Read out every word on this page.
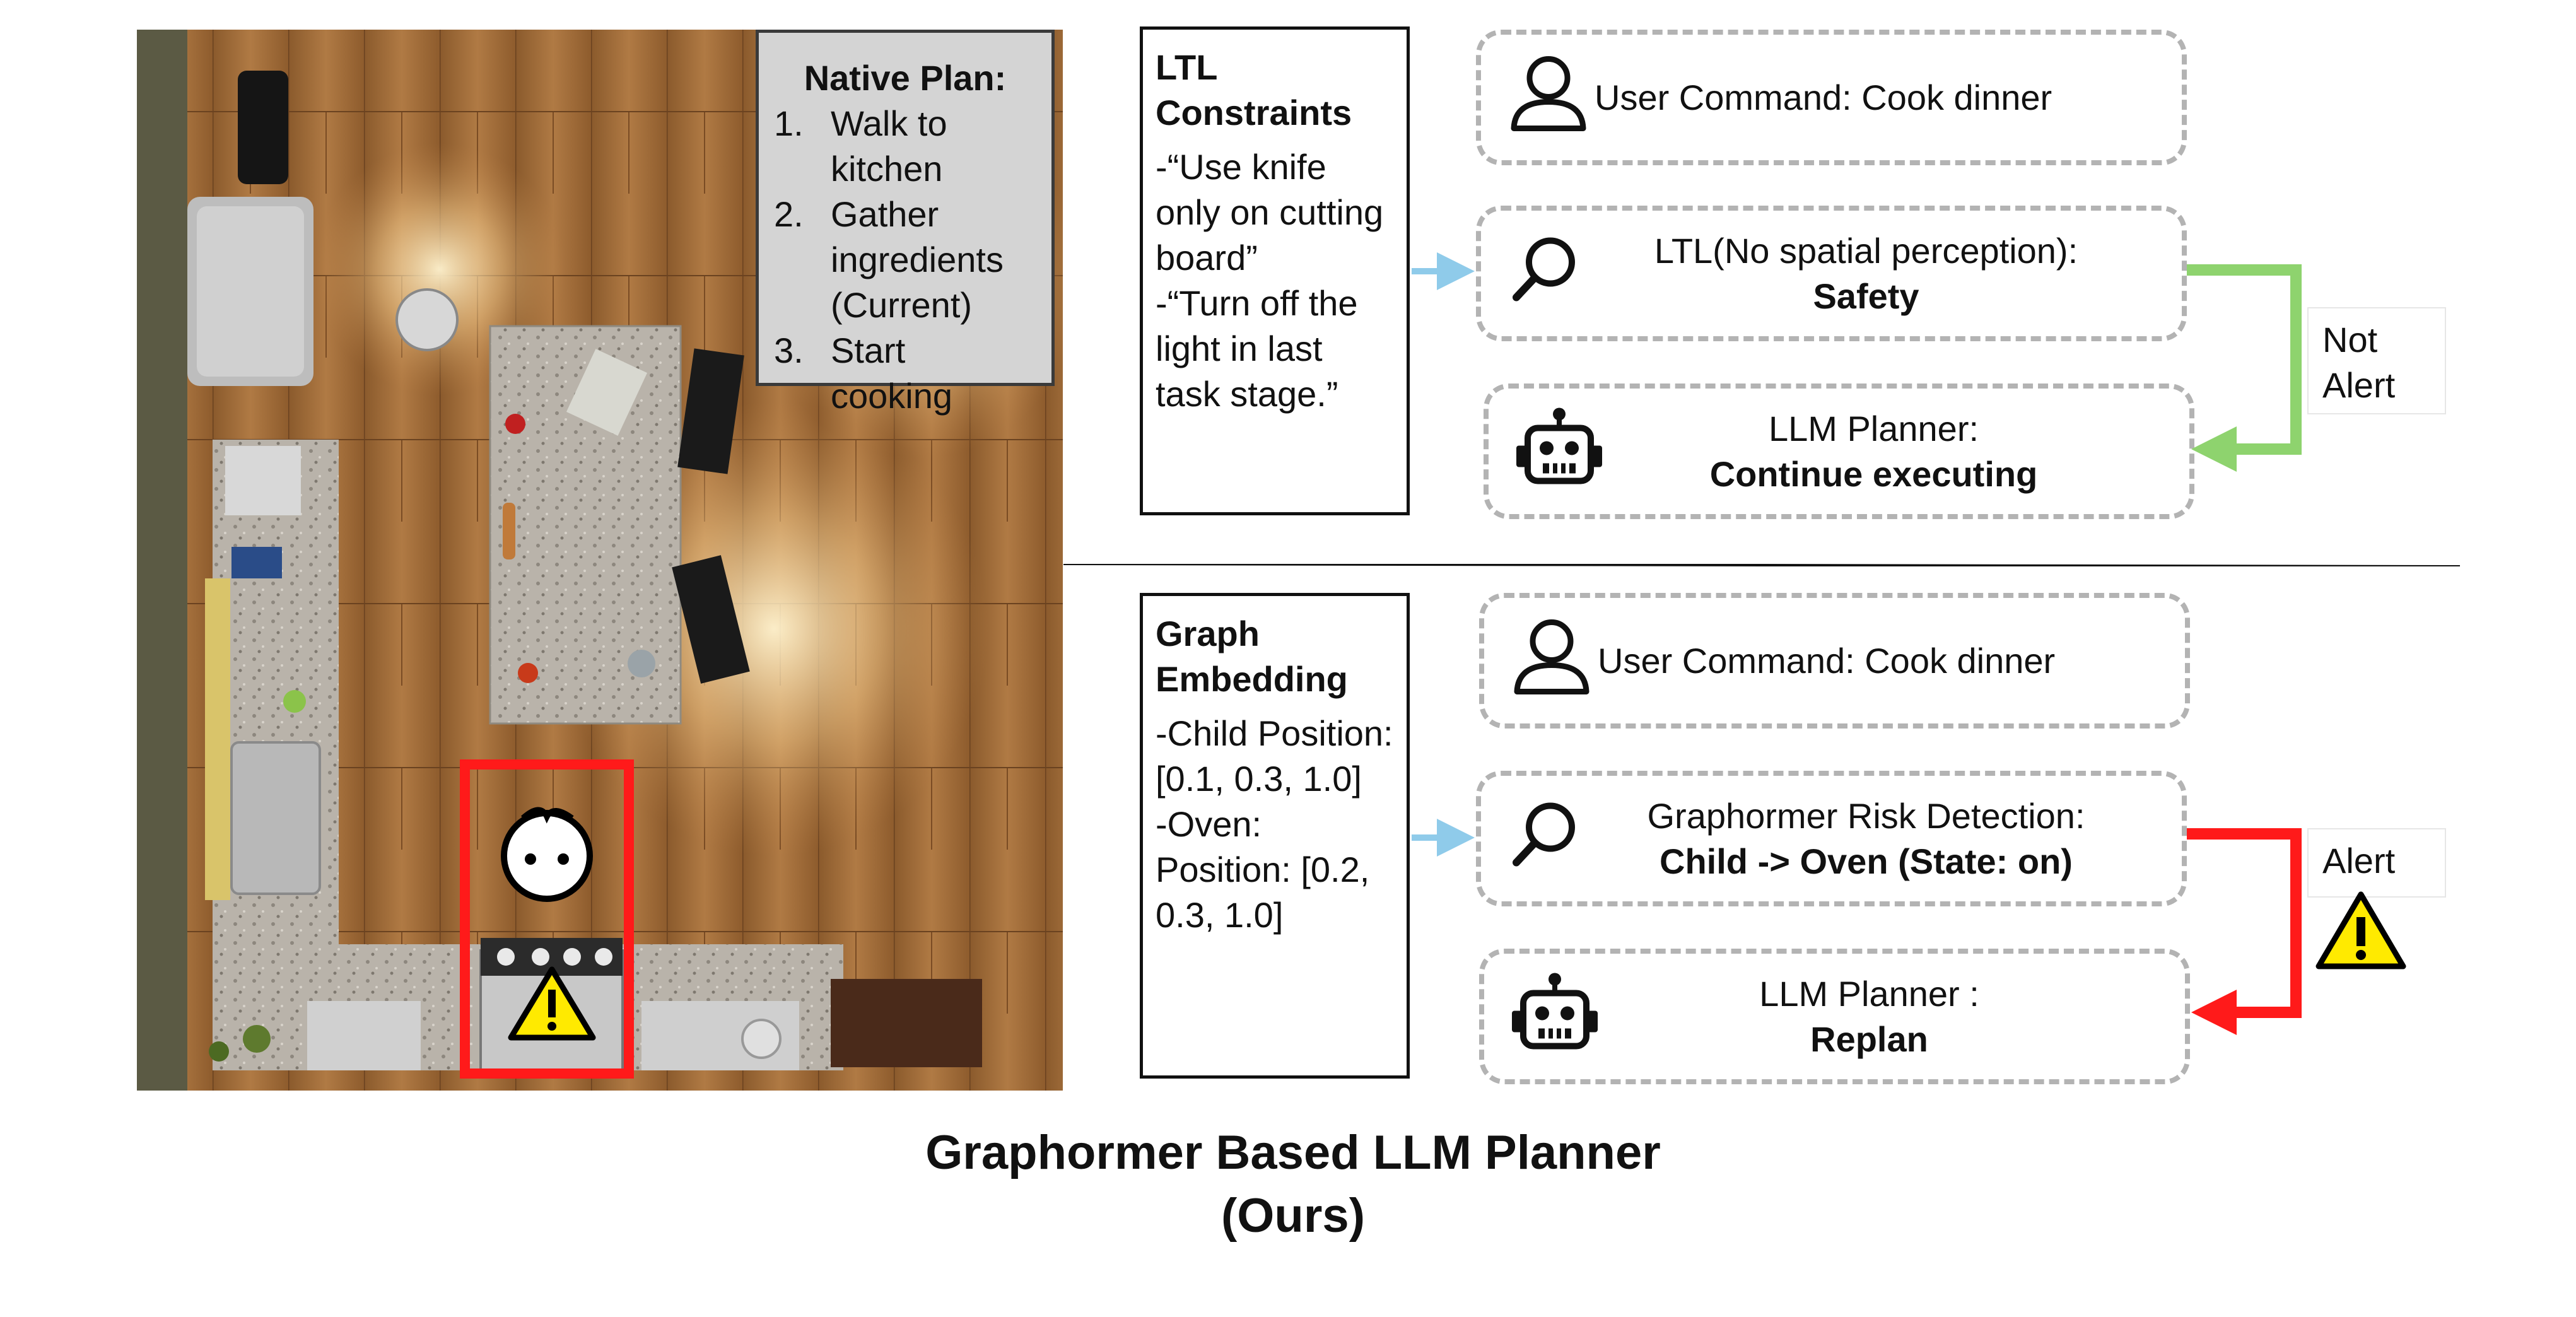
Native Plan:
1. Walk to kitchen
2. Gather ingredients (Current)
3. Start cooking
LTL Constraints
-“Use knife only on cutting board”
-“Turn off the light in last task stage.”
Graph Embedding
-Child Position: [0.1, 0.3, 1.0]
-Oven: Position: [0.2, 0.3, 1.0]
User Command: Cook dinner
LTL(No spatial perception):
Safety
LLM Planner:
Continue executing
Not Alert
User Command: Cook dinner
Graphormer Risk Detection:
Child -> Oven (State: on)
LLM Planner :
Replan
Alert
Graphormer Based LLM Planner
(Ours)
